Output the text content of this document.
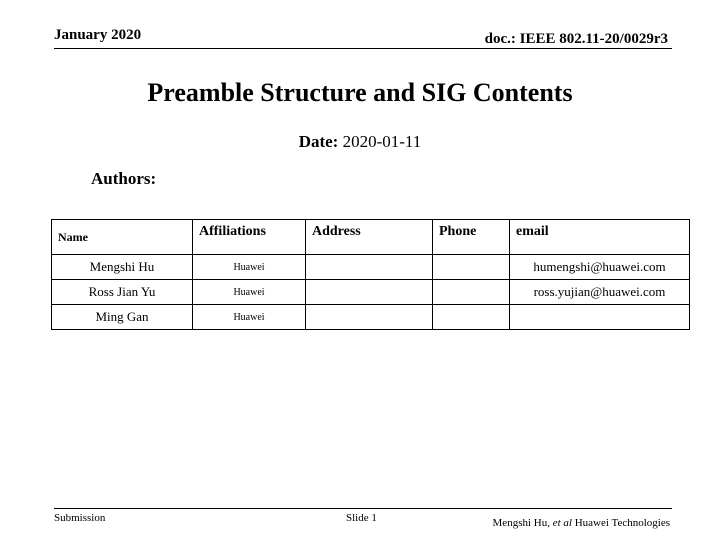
January 2020	doc.: IEEE 802.11-20/0029r3
Preamble Structure and SIG Contents
Date: 2020-01-11
Authors:
Name	Affiliations	Address	Phone	email
Mengshi Hu	Huawei			humengshi@huawei.com
Ross Jian Yu	Huawei			ross.yujian@huawei.com
Ming Gan	Huawei			
Submission	Slide 1	Mengshi Hu, et al Huawei Technologies
